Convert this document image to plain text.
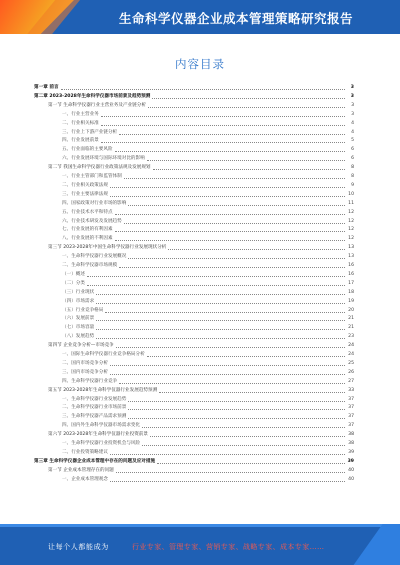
生命科学仪器企业成本管理策略研究报告
内容目录
第一章 前言	3
第二章 2023-2028年生命科学仪器市场前景及趋势预测	3
第一节 生命科学仪器行业主营业务及产业链分析	3
一、行业主营业务	3
二、行业相关标准	4
三、行业上下游产业链分析	4
四、行业发展前景	5
五、行业面临的主要风险	6
六、行业发展环境与国际环境对比的影响	6
第二节 我国生命科学仪器行业政策法规及发展规划	8
一、行业主管部门和监管体制	8
二、行业相关政策法规	9
三、行业主要法律法规	10
四、国家政策对行业市场的影响	11
五、行业技术水平和特点	12
六、行业技术研发及发展趋势	12
七、行业发展的有利因素	12
八、行业发展的不利因素	12
第三节 2023-2028年中国生命科学仪器行业发展现状分析	13
一、生命科学仪器行业发展概况	13
二、生命科学仪器市场规模	16
（一）概述	16
（二）分类	17
（三）行业现状	18
（四）市场需求	19
（五）行业竞争格局	20
（六）发展前景	21
（七）市场容量	21
（八）发展趋势	23
第四节 企业竞争分析—市场竞争	24
一、国际生命科学仪器行业竞争格局分析	24
二、国内市场竞争分析	25
三、国内市场竞争分析	26
四、生命科学仪器行业竞争	27
第五节 2023-2028年生命科学仪器行业发展趋势预测	33
一、生命科学仪器行业发展趋势	37
二、生命科学仪器行业市场前景	37
三、生命科学仪器产品需求预测	37
四、国内外生命科学仪器市场需求变化	37
第六节 2023-2028年生命科学仪器行业投资前景	38
一、生命科学仪器行业投资机会与风险	38
二、行业投资策略建议	39
第三章 生命科学仪器企业成本管理中存在的问题及应对措施	39
第一节 企业成本管理存在的问题	40
一、企业成本管理观念	40
让每个人都能成为	行业专家、管理专家、营销专家、战略专家、成本专家……
